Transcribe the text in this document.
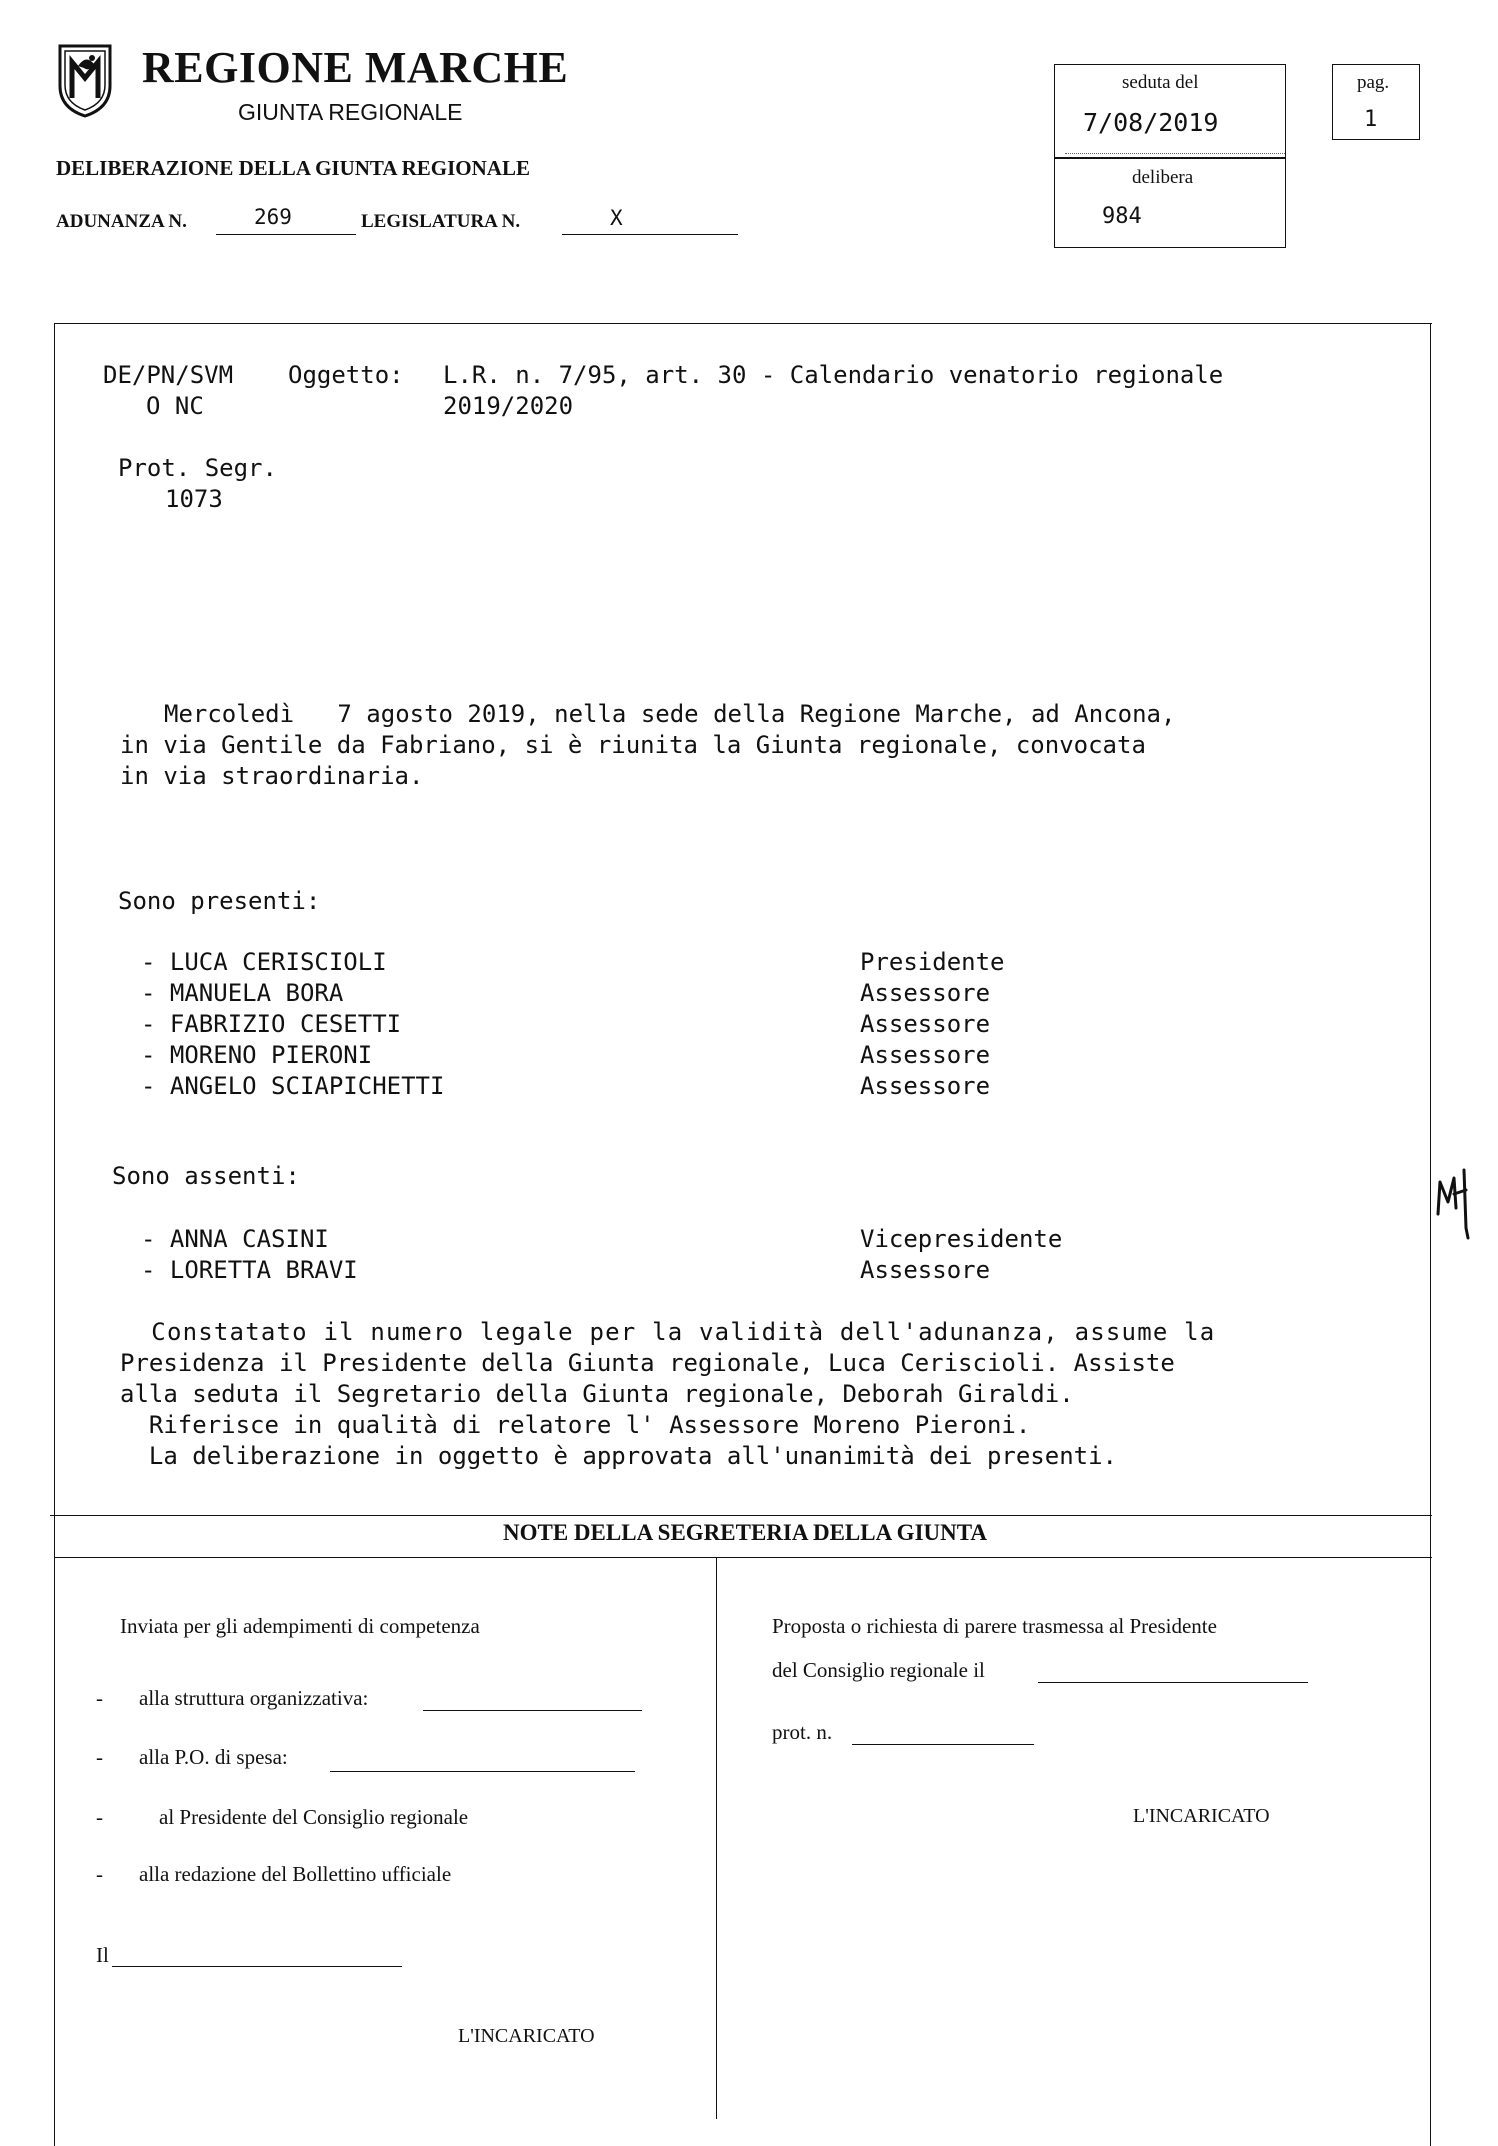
REGIONE MARCHE
GIUNTA REGIONALE
DELIBERAZIONE DELLA GIUNTA REGIONALE
ADUNANZA N.	269	LEGISLATURA N.	X
seduta del
7/08/2019
delibera
984
pag.
1
DE/PN/SVM
O NC
Oggetto: L.R. n. 7/95, art. 30 - Calendario venatorio regionale
2019/2020
Prot. Segr.
1073
Mercoledì   7 agosto 2019, nella sede della Regione Marche, ad Ancona,
in via Gentile da Fabriano, si è riunita la Giunta regionale, convocata
in via straordinaria.
Sono presenti:
- LUCA CERISCIOLI	Presidente
- MANUELA BORA	Assessore
- FABRIZIO CESETTI	Assessore
- MORENO PIERONI	Assessore
- ANGELO SCIAPICHETTI	Assessore
Sono assenti:
- ANNA CASINI	Vicepresidente
- LORETTA BRAVI	Assessore
Constatato il numero legale per la validità dell'adunanza, assume la
Presidenza il Presidente della Giunta regionale, Luca Ceriscioli. Assiste
alla seduta il Segretario della Giunta regionale, Deborah Giraldi.
Riferisce in qualità di relatore l' Assessore Moreno Pieroni.
La deliberazione in oggetto è approvata all'unanimità dei presenti.
NOTE DELLA SEGRETERIA DELLA GIUNTA
Inviata per gli adempimenti di competenza
- alla struttura organizzativa:
- alla P.O. di spesa:
-	al Presidente del Consiglio regionale
- alla redazione del Bollettino ufficiale
Il
L'INCARICATO
Proposta o richiesta di parere trasmessa al Presidente
del Consiglio regionale il
prot. n.
L'INCARICATO
